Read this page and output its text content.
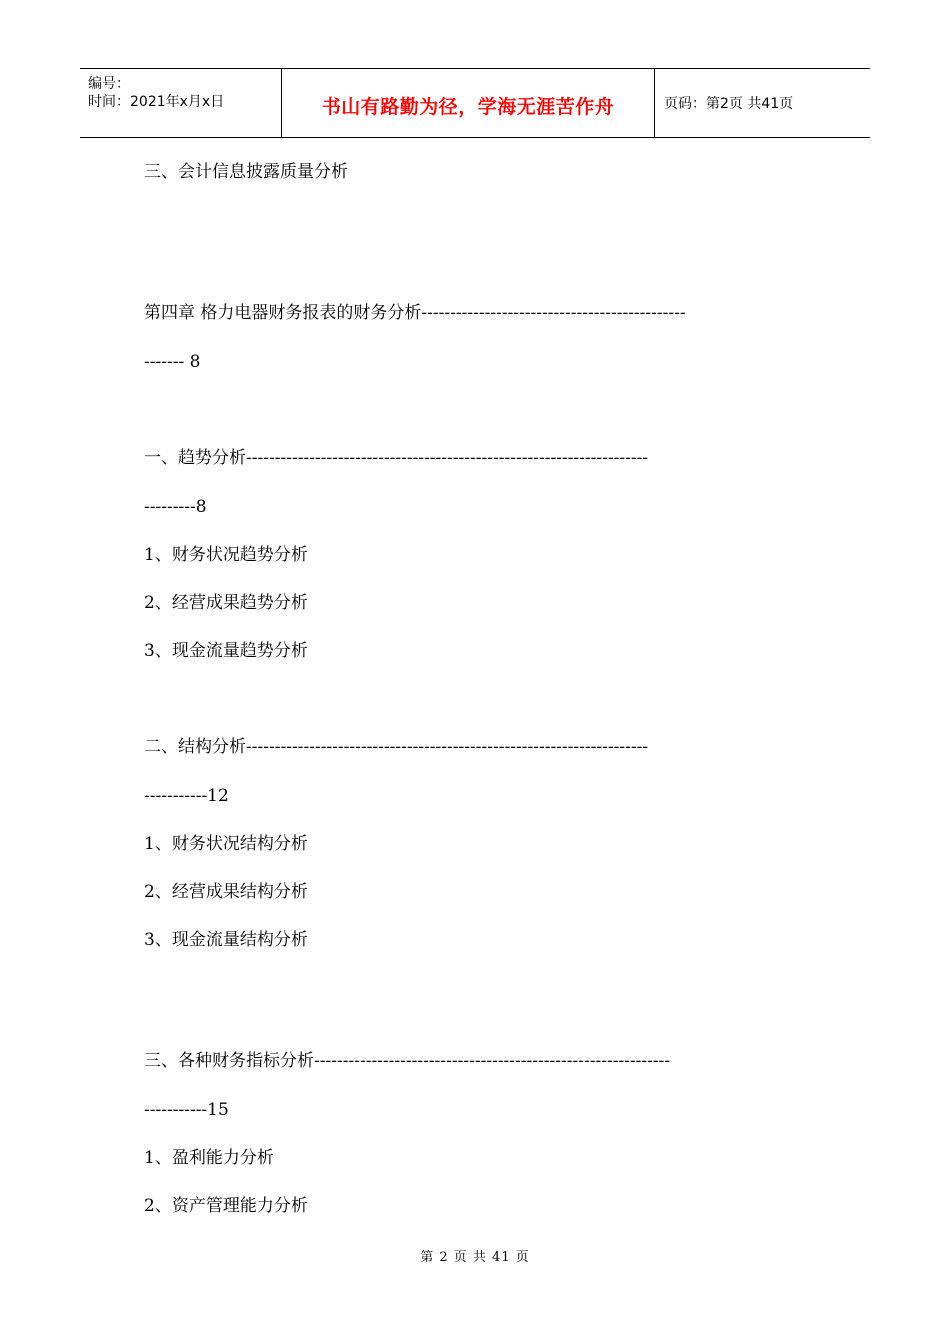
编号：
时间：2021年x月x日	书山有路勤为径，学海无涯苦作舟	页码：第2页 共41页
三、会计信息披露质量分析
第四章 格力电器财务报表的财务分析----------------------------------------------
------- 8
一、趋势分析----------------------------------------------------------------------
---------8
1、财务状况趋势分析
2、经营成果趋势分析
3、现金流量趋势分析
二、结构分析----------------------------------------------------------------------
-----------12
1、财务状况结构分析
2、经营成果结构分析
3、现金流量结构分析
三、各种财务指标分析--------------------------------------------------------------
-----------15
1、盈利能力分析
2、资产管理能力分析
第 2 页 共 41 页
